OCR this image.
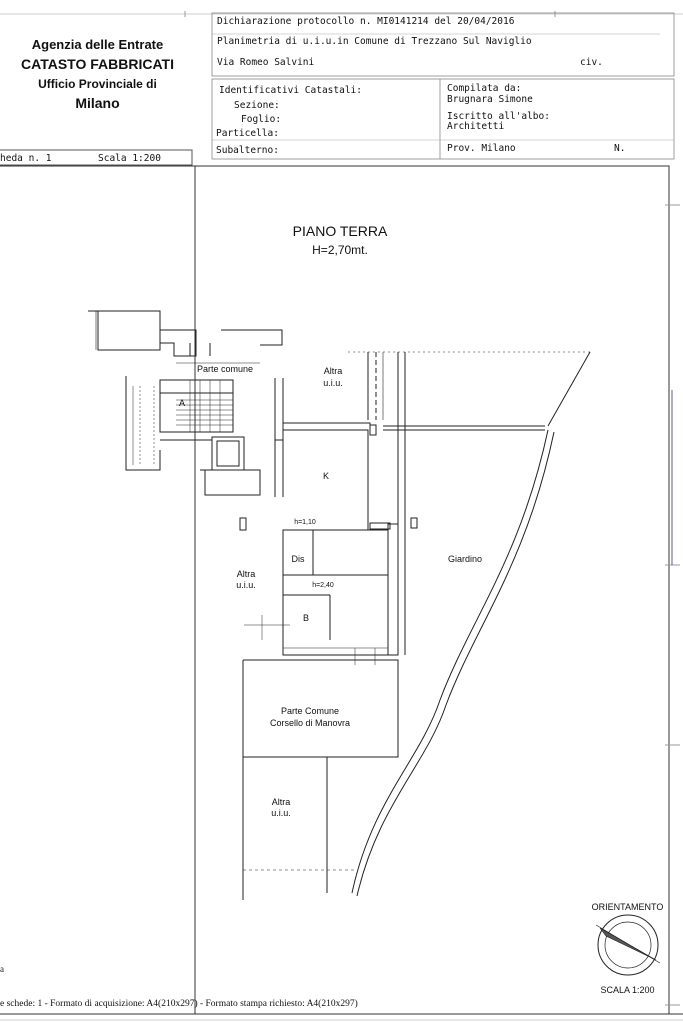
Agenzia delle Entrate
CATASTO FABBRICATI
Ufficio Provinciale di
Milano
Dichiarazione protocollo n. MI0141214 del 20/04/2016
Planimetria di u.i.u.in Comune di Trezzano Sul Naviglio
Via Romeo Salvini	civ.
Identificativi Catastali:
Sezione:
Foglio:
Particella:
Subalterno:
Compilata da:
Brugnara Simone
Iscritto all'albo:
Architetti
Prov. Milano	N.
heda n. 1	Scala 1:200
PIANO TERRA
H=2,70mt.
Parte comune	Altra
u.i.u.
A
K
h=1,10
Dis
Altra
u.i.u.	h=2,40
B
Giardino
Parte Comune
Corsello di Manovra
Altra
u.i.u.
ORIENTAMENTO
SCALA 1:200
a
e schede: 1 - Formato di acquisizione: A4(210x297) - Formato stampa richiesto: A4(210x297)
